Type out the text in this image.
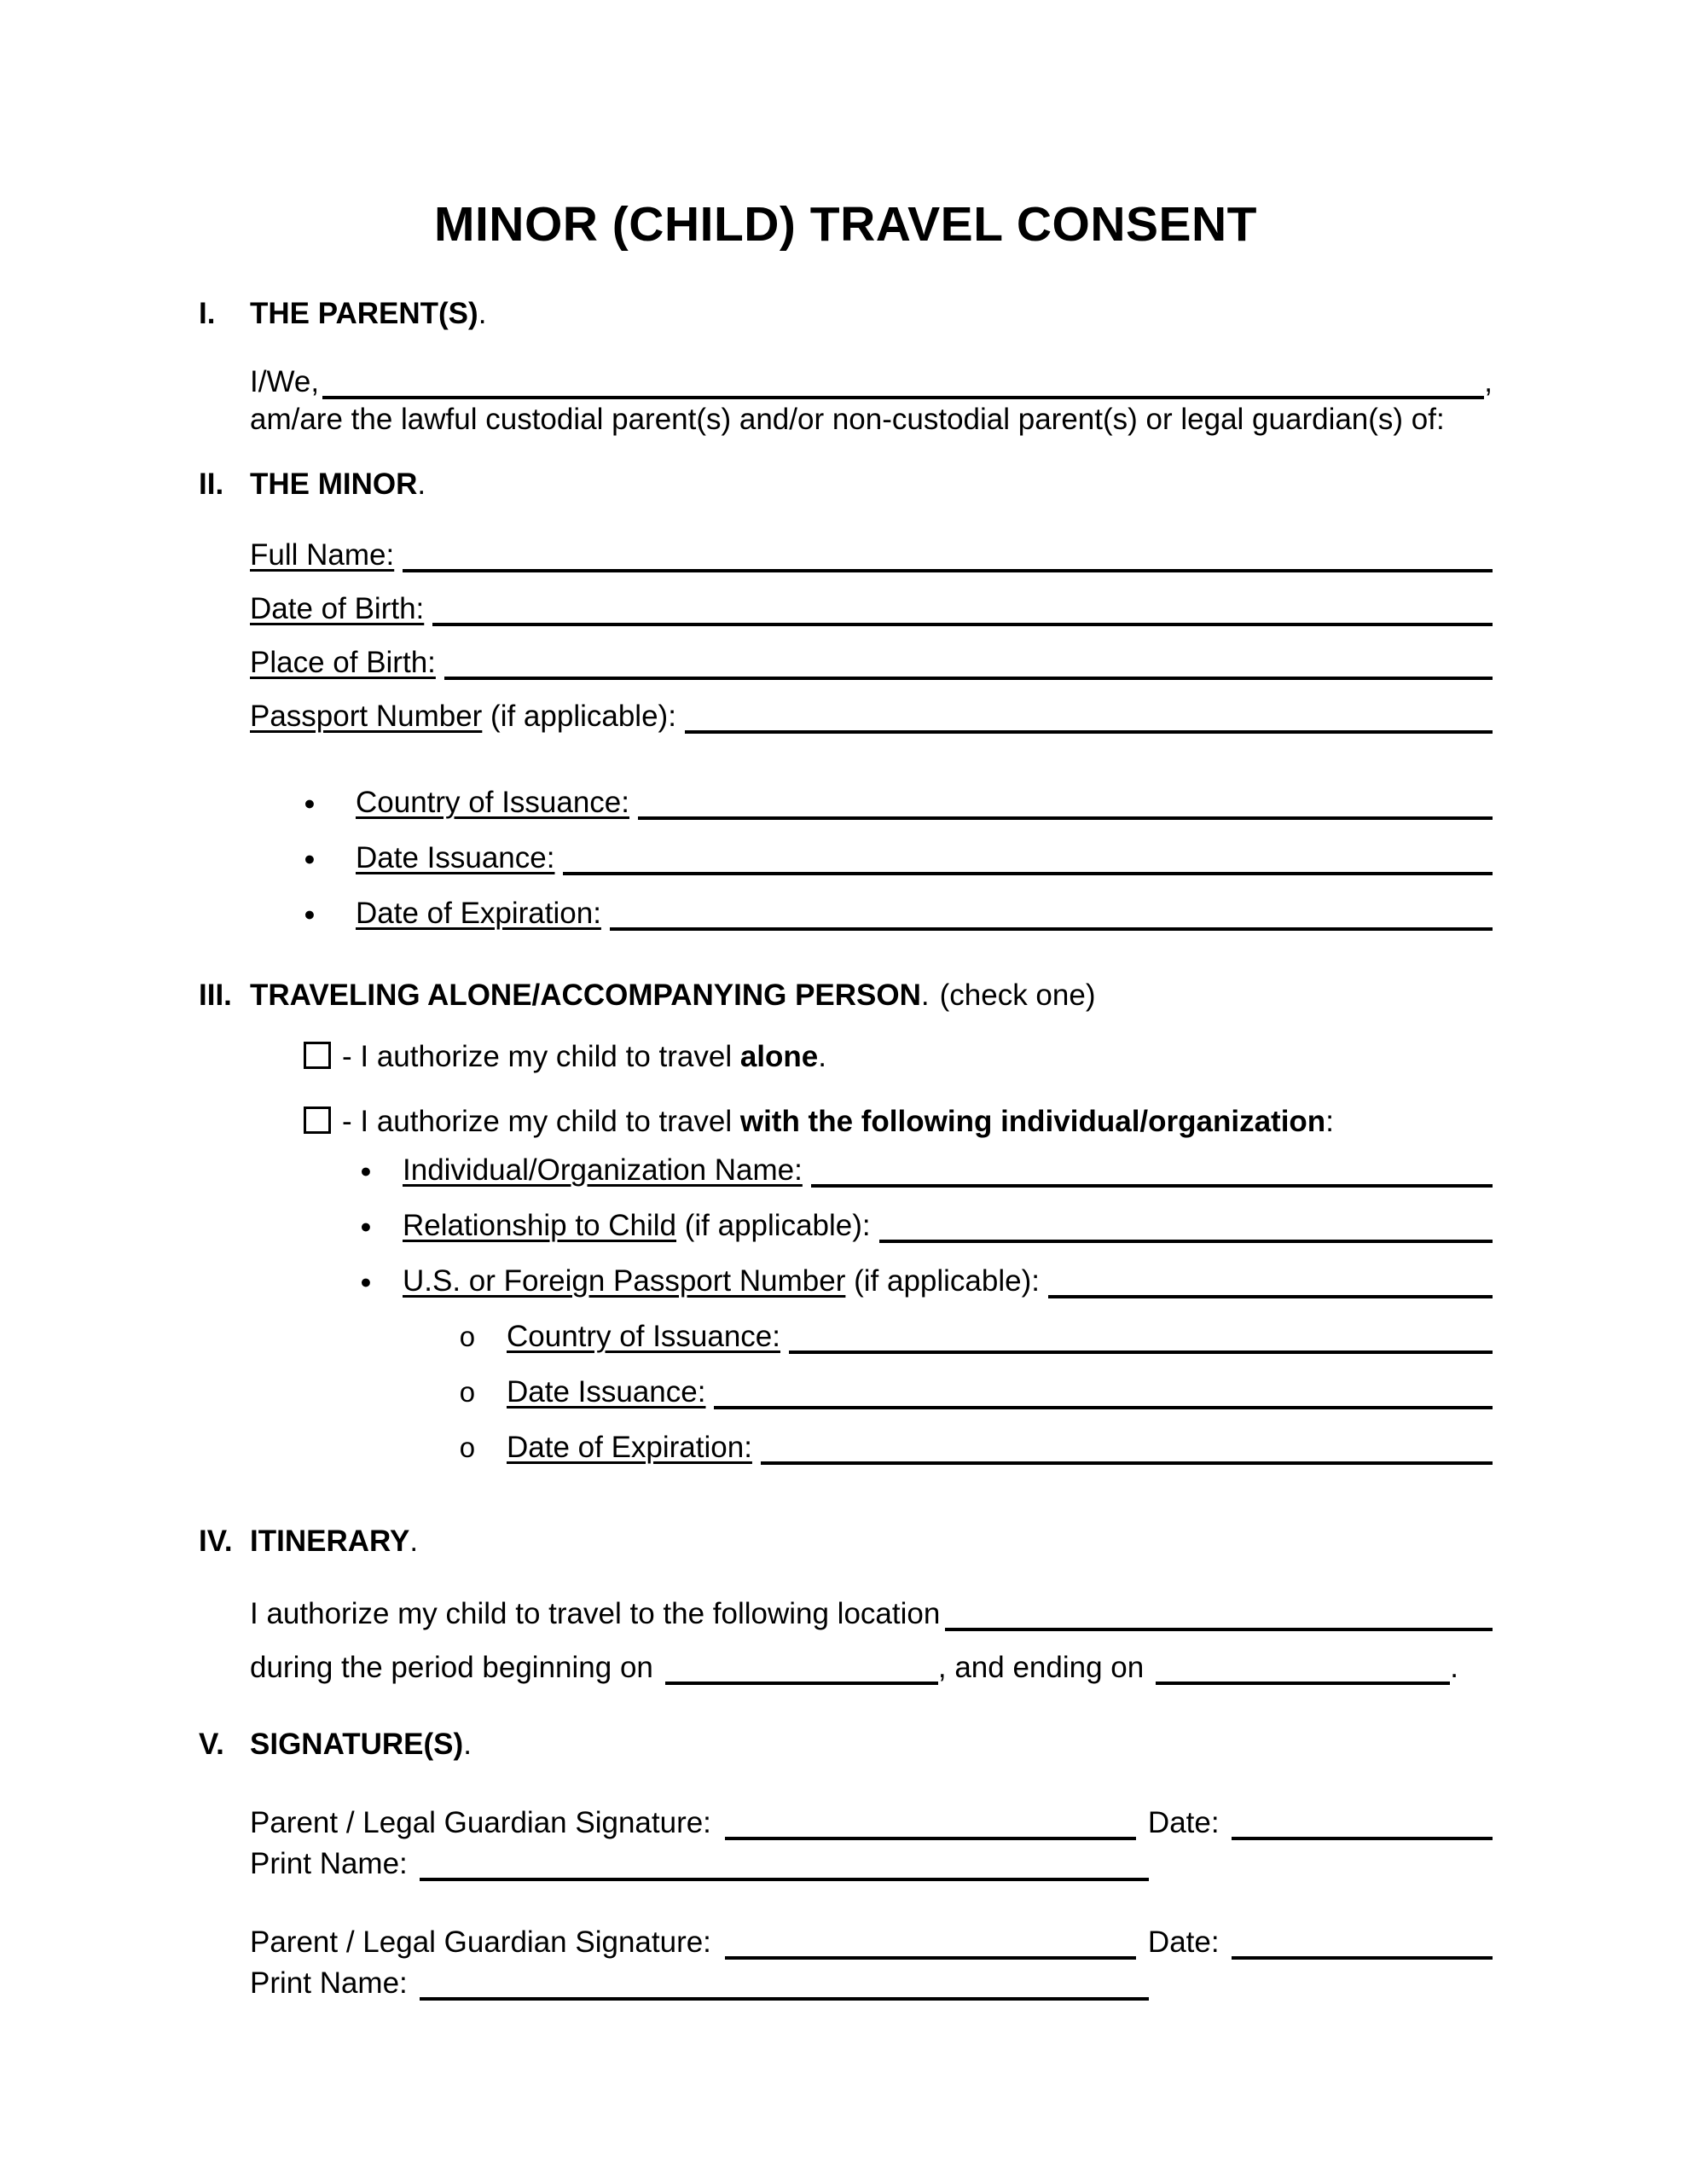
MINOR (CHILD) TRAVEL CONSENT
I.	THE PARENT(S).
I/We,	,
am/are the lawful custodial parent(s) and/or non-custodial parent(s) or legal guardian(s) of:
II. THE MINOR.
Full Name:
Date of Birth:
Place of Birth:
Passport Number (if applicable):
●	Country of Issuance:
●	Date Issuance:
●	Date of Expiration:
III. TRAVELING ALONE/ACCOMPANYING PERSON. (check one)
- I authorize my child to travel alone.
- I authorize my child to travel with the following individual/organization:
●	Individual/Organization Name:
●	Relationship to Child (if applicable):
●	U.S. or Foreign Passport Number (if applicable):
o	Country of Issuance:
o	Date Issuance:
o	Date of Expiration:
IV. ITINERARY.
I authorize my child to travel to the following location
during the period beginning on	, and ending on	.
V. SIGNATURE(S).
Parent / Legal Guardian Signature:	Date:
Print Name:
Parent / Legal Guardian Signature:	Date:
Print Name:
